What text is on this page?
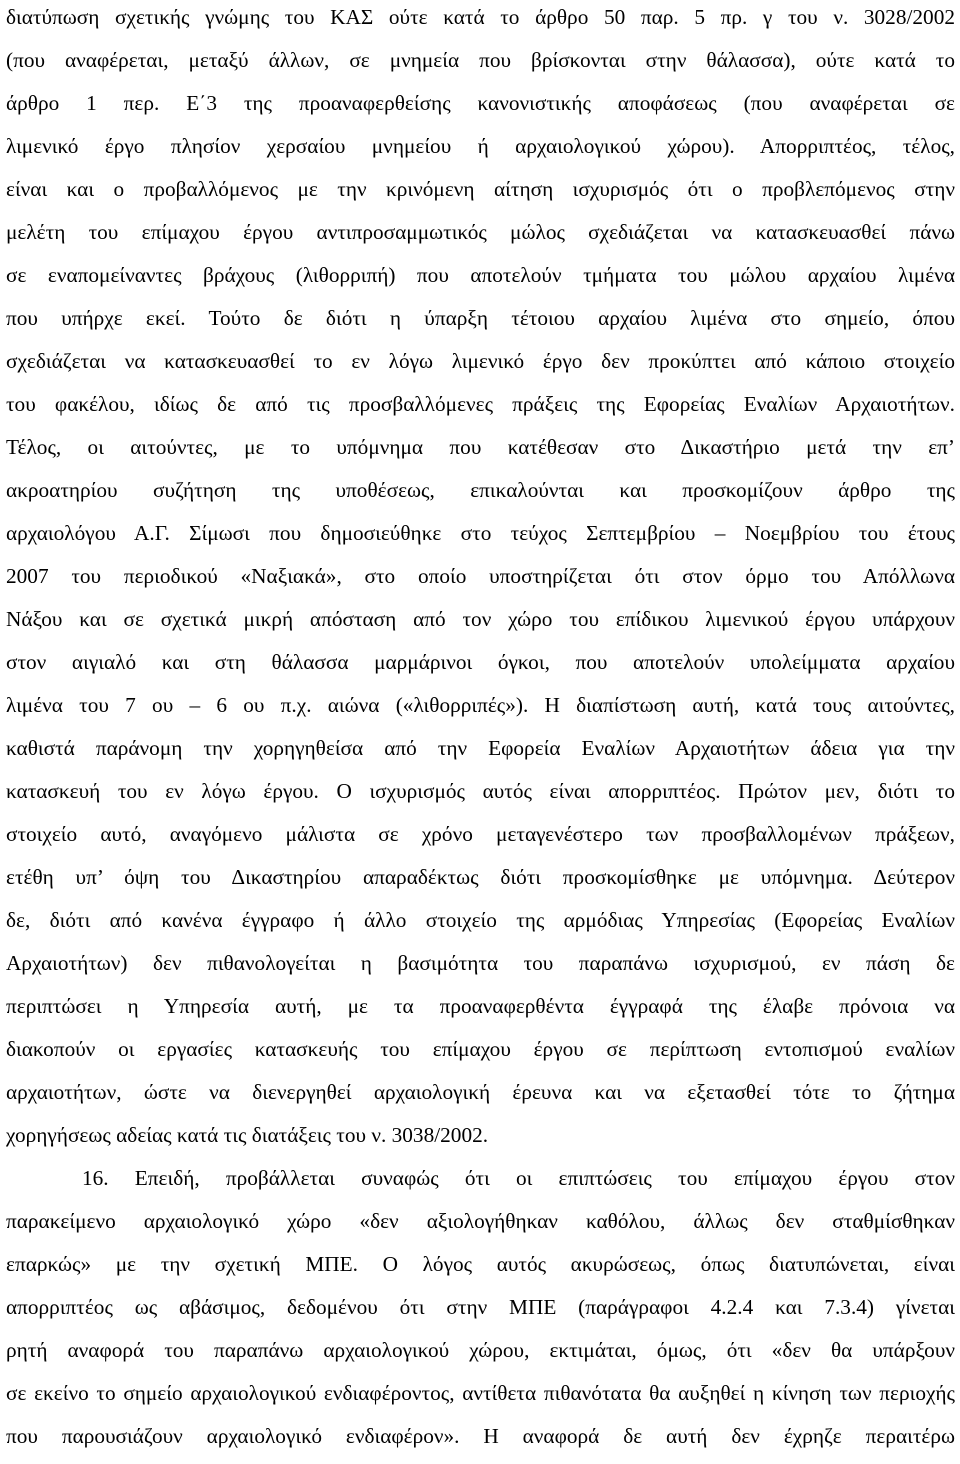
διατύπωση σχετικής γνώμης του ΚΑΣ ούτε κατά το άρθρο 50 παρ. 5 πρ. γ του ν. 3028/2002
(που αναφέρεται, μεταξύ άλλων, σε μνημεία που βρίσκονται στην θάλασσα), ούτε κατά το
άρθρο 1 περ. Ε΄3 της προαναφερθείσης κανονιστικής αποφάσεως (που αναφέρεται σε
λιμενικό έργο πλησίον χερσαίου μνημείου ή αρχαιολογικού χώρου). Απορριπτέος, τέλος,
είναι και ο προβαλλόμενος με την κρινόμενη αίτηση ισχυρισμός ότι ο προβλεπόμενος στην
μελέτη του επίμαχου έργου αντιπροσαμμωτικός μώλος σχεδιάζεται να κατασκευασθεί πάνω
σε εναπομείναντες βράχους (λιθορριπή) που αποτελούν τμήματα του μώλου αρχαίου λιμένα
που υπήρχε εκεί. Τούτο δε διότι η ύπαρξη τέτοιου αρχαίου λιμένα στο σημείο, όπου
σχεδιάζεται να κατασκευασθεί το εν λόγω λιμενικό έργο δεν προκύπτει από κάποιο στοιχείο
του φακέλου, ιδίως δε από τις προσβαλλόμενες πράξεις της Εφορείας Εναλίων Αρχαιοτήτων.
Τέλος, οι αιτούντες, με το υπόμνημα που κατέθεσαν στο Δικαστήριο μετά την επ’
ακροατηρίου συζήτηση της υποθέσεως, επικαλούνται και προσκομίζουν άρθρο της
αρχαιολόγου Α.Γ. Σίμωσι που δημοσιεύθηκε στο τεύχος Σεπτεμβρίου – Νοεμβρίου του έτους
2007 του περιοδικού «Ναξιακά», στο οποίο υποστηρίζεται ότι στον όρμο του Απόλλωνα
Νάξου και σε σχετικά μικρή απόσταση από τον χώρο του επίδικου λιμενικού έργου υπάρχουν
στον αιγιαλό και στη θάλασσα μαρμάρινοι όγκοι, που αποτελούν υπολείμματα αρχαίου
λιμένα του 7 ου – 6 ου π.χ. αιώνα («λιθορριπές»). Η διαπίστωση αυτή, κατά τους αιτούντες,
καθιστά παράνομη την χορηγηθείσα από την Εφορεία Εναλίων Αρχαιοτήτων άδεια για την
κατασκευή του εν λόγω έργου. Ο ισχυρισμός αυτός είναι απορριπτέος. Πρώτον μεν, διότι το
στοιχείο αυτό, αναγόμενο μάλιστα σε χρόνο μεταγενέστερο των προσβαλλομένων πράξεων,
ετέθη υπ’ όψη του Δικαστηρίου απαραδέκτως διότι προσκομίσθηκε με υπόμνημα. Δεύτερον
δε, διότι από κανένα έγγραφο ή άλλο στοιχείο της αρμόδιας Υπηρεσίας (Εφορείας Εναλίων
Αρχαιοτήτων) δεν πιθανολογείται η βασιμότητα του παραπάνω ισχυρισμού, εν πάση δε
περιπτώσει η Υπηρεσία αυτή, με τα προαναφερθέντα έγγραφά της έλαβε πρόνοια να
διακοπούν οι εργασίες κατασκευής του επίμαχου έργου σε περίπτωση εντοπισμού εναλίων
αρχαιοτήτων, ώστε να διενεργηθεί αρχαιολογική έρευνα και να εξετασθεί τότε το ζήτημα
χορηγήσεως αδείας κατά τις διατάξεις του ν. 3038/2002.
16. Επειδή, προβάλλεται συναφώς ότι οι επιπτώσεις του επίμαχου έργου στον
παρακείμενο αρχαιολογικό χώρο «δεν αξιολογήθηκαν καθόλου, άλλως δεν σταθμίσθηκαν
επαρκώς» με την σχετική ΜΠΕ. Ο λόγος αυτός ακυρώσεως, όπως διατυπώνεται, είναι
απορριπτέος ως αβάσιμος, δεδομένου ότι στην ΜΠΕ (παράγραφοι 4.2.4 και 7.3.4) γίνεται
ρητή αναφορά του παραπάνω αρχαιολογικού χώρου, εκτιμάται, όμως, ότι «δεν θα υπάρξουν
σε εκείνο το σημείο αρχαιολογικού ενδιαφέροντος, αντίθετα πιθανότατα θα αυξηθεί η κίνηση των περιοχής
που παρουσιάζουν αρχαιολογικό ενδιαφέρον». Η αναφορά δε αυτή δεν έχρηζε περαιτέρω
